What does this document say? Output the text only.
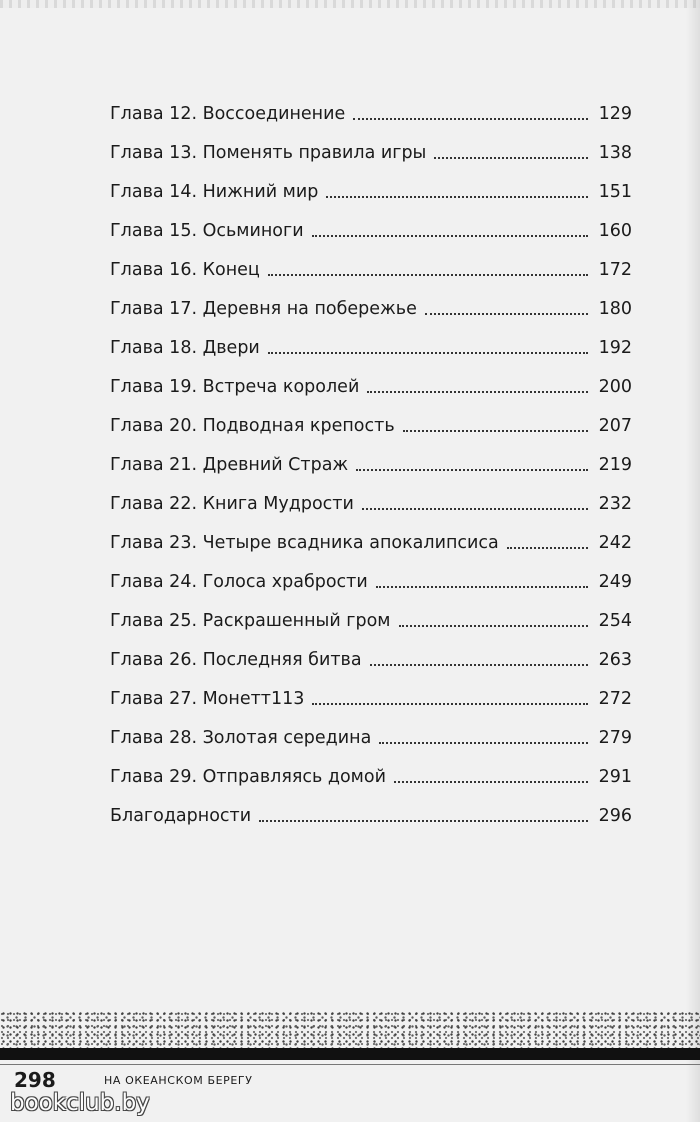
Глава 12. Воссоединение	129
Глава 13. Поменять правила игры	138
Глава 14. Нижний мир	151
Глава 15. Осьминоги	160
Глава 16. Конец	172
Глава 17. Деревня на побережье	180
Глава 18. Двери	192
Глава 19. Встреча королей	200
Глава 20. Подводная крепость	207
Глава 21. Древний Страж	219
Глава 22. Книга Мудрости	232
Глава 23. Четыре всадника апокалипсиса	242
Глава 24. Голоса храбрости	249
Глава 25. Раскрашенный гром	254
Глава 26. Последняя битва	263
Глава 27. Монетт113	272
Глава 28. Золотая середина	279
Глава 29. Отправляясь домой	291
Благодарности	296
298	НА ОКЕАНСКОМ БЕРЕГУ
bookclub.by
